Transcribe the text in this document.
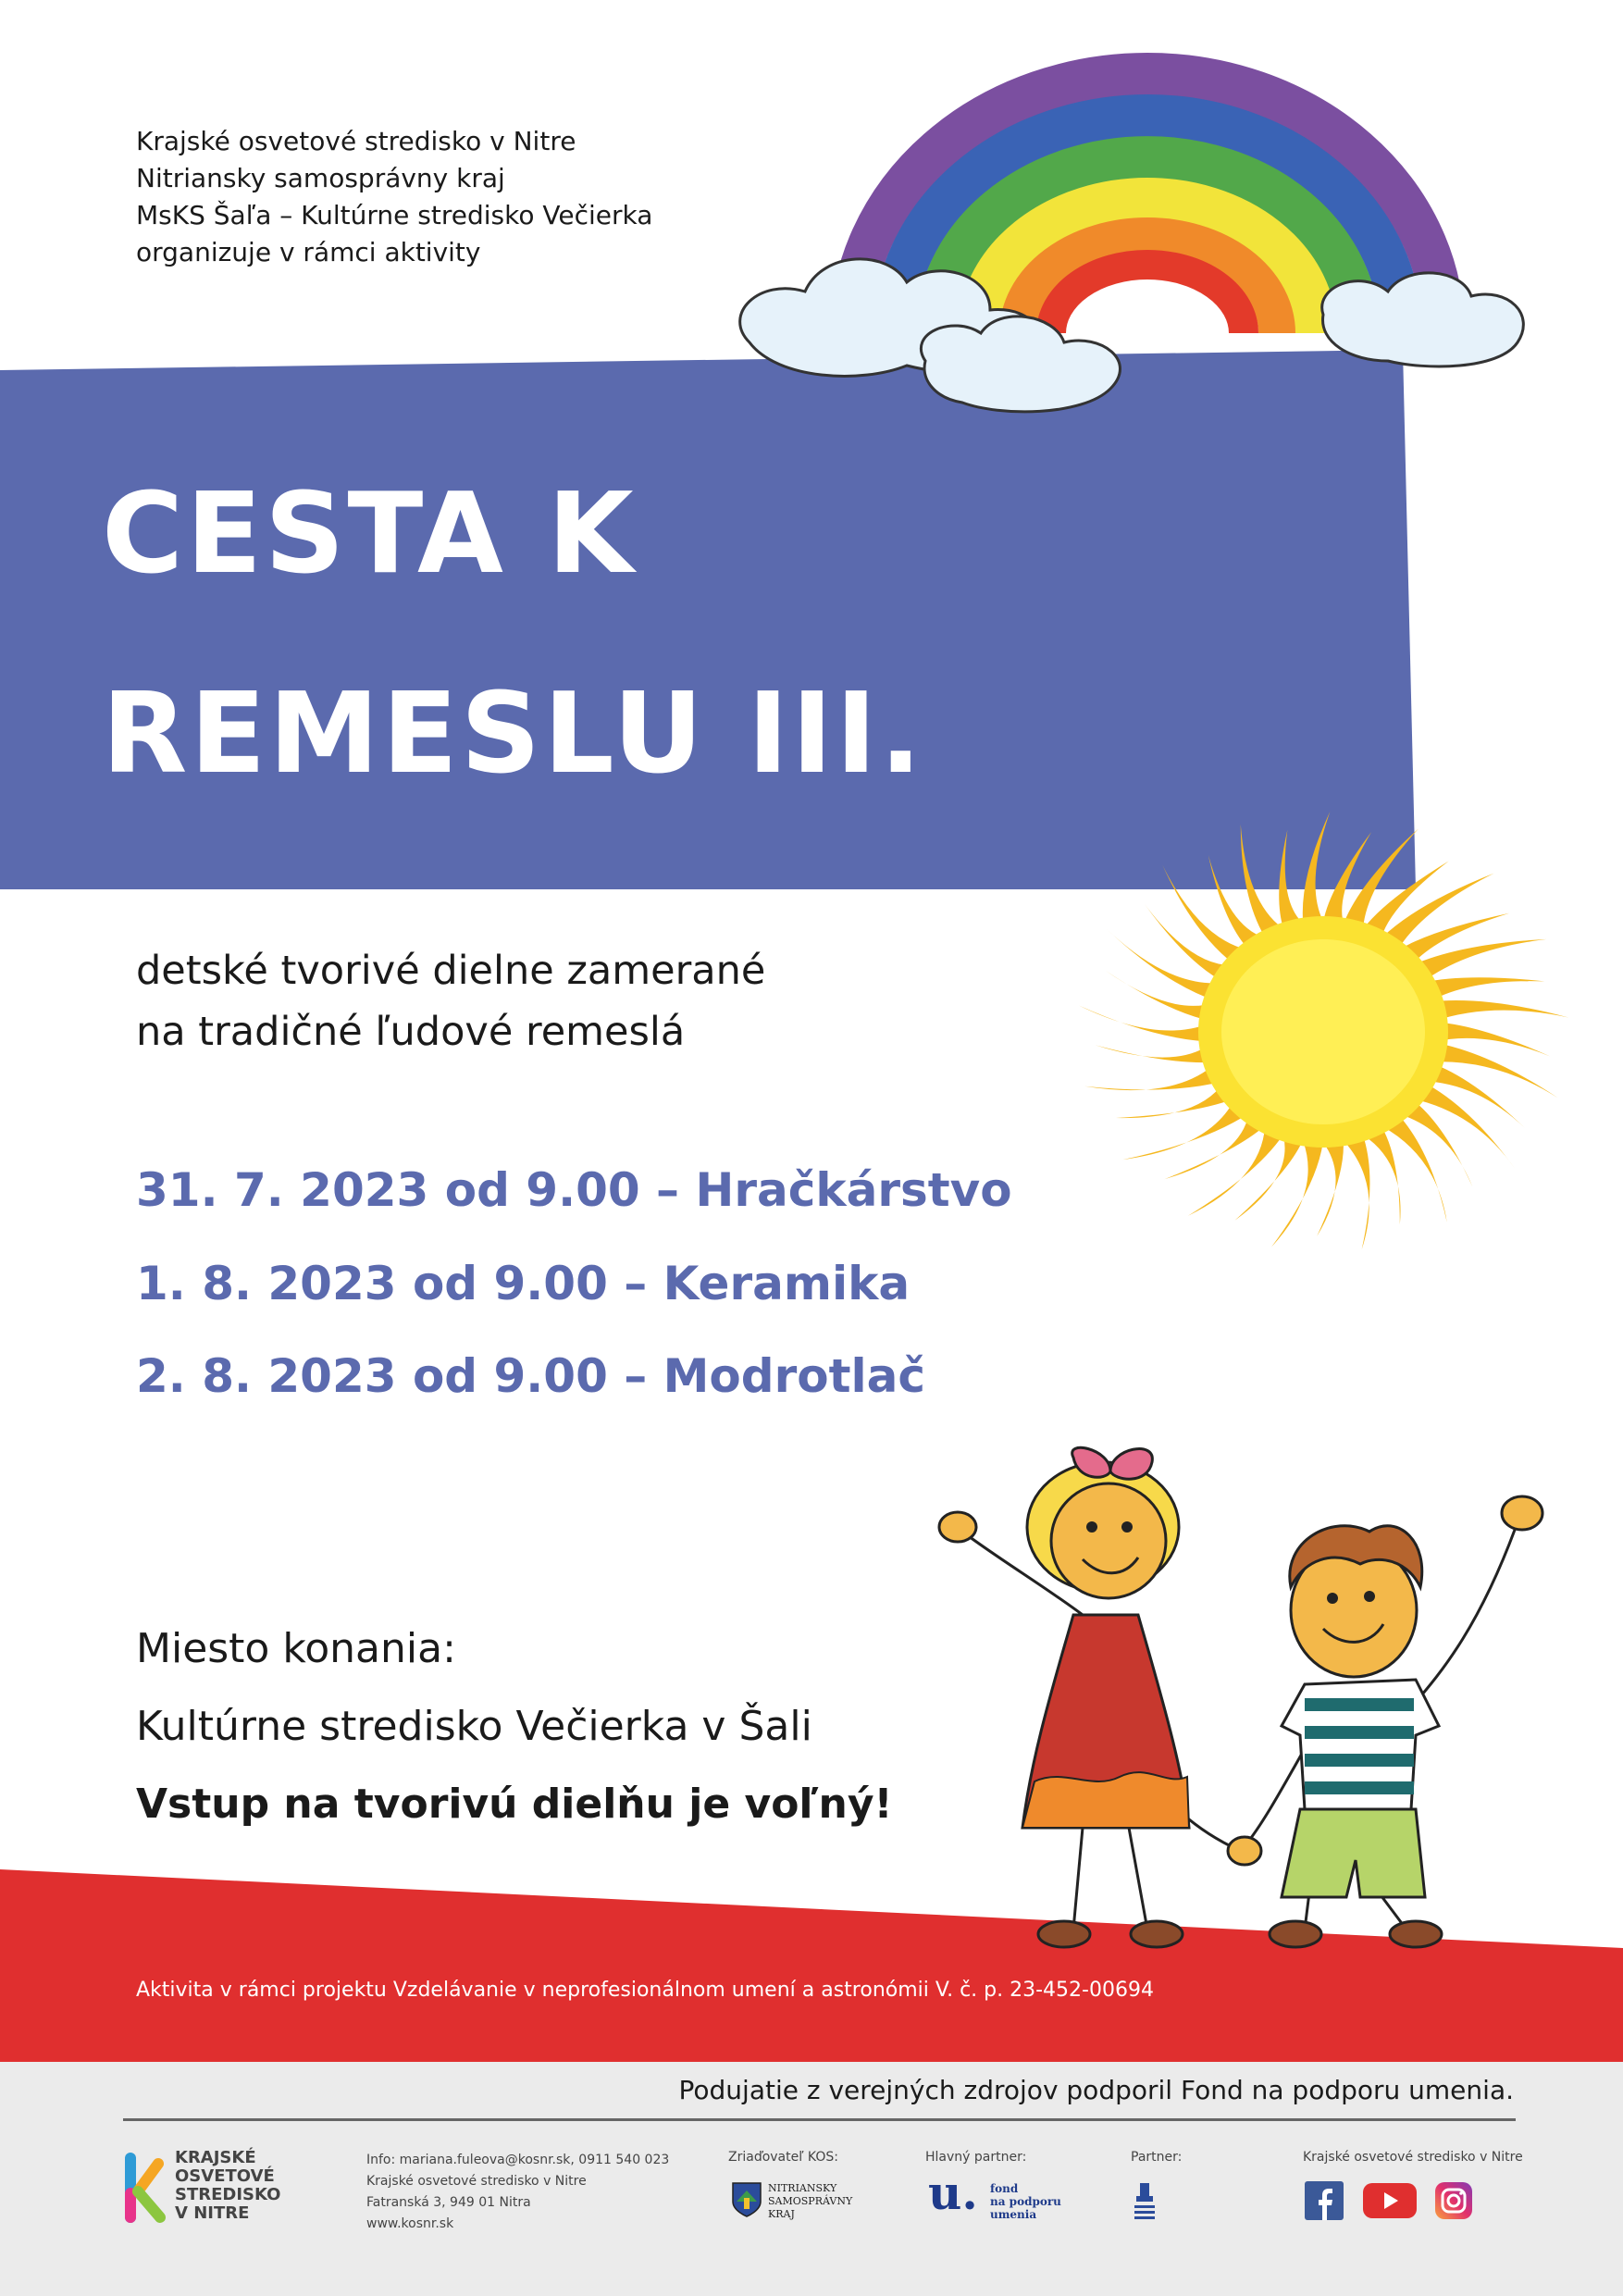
Krajské osvetové stredisko v Nitre
Nitriansky samosprávny kraj
MsKS Šaľa – Kultúrne stredisko Večierka
organizuje v rámci aktivity
CESTA K
REMESLU III.
detské tvorivé dielne zamerané
na tradičné ľudové remeslá
31. 7. 2023 od 9.00 – Hračkárstvo
1. 8. 2023 od 9.00 – Keramika
2. 8. 2023 od 9.00 – Modrotlač
Miesto konania:
Kultúrne stredisko Večierka v Šali
Vstup na tvorivú dielňu je voľný!
Aktivita v rámci projektu Vzdelávanie v neprofesionálnom umení a astronómii V. č. p. 23-452-00694
Podujatie z verejných zdrojov podporil Fond na podporu umenia.
KRAJSKÉ
OSVETOVÉ
STREDISKO
V NITRE
Info: mariana.fuleova@kosnr.sk, 0911 540 023
Krajské osvetové stredisko v Nitre
Fatranská 3, 949 01 Nitra
www.kosnr.sk
Zriaďovateľ KOS:
NITRIANSKY
SAMOSPRÁVNY
KRAJ
Hlavný partner:
u. fond
na podporu
umenia
Partner:	Krajské osvetové stredisko v Nitre
